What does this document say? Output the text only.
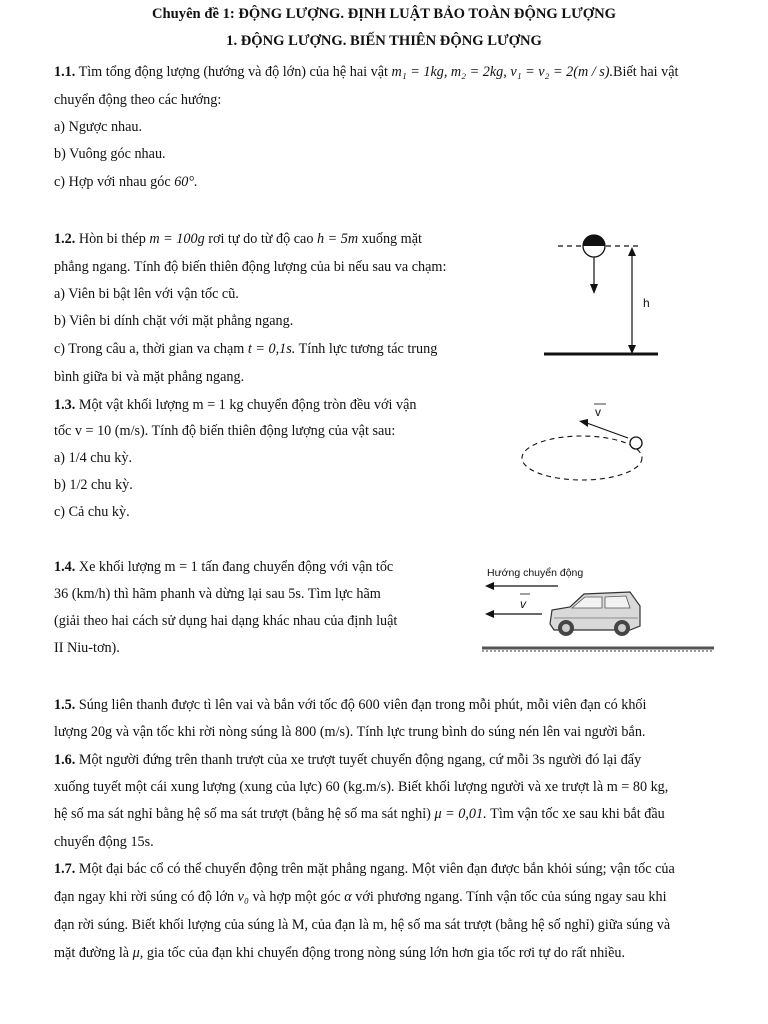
Chuyên đề 1: ĐỘNG LƯỢNG. ĐỊNH LUẬT BẢO TOÀN ĐỘNG LƯỢNG
1. ĐỘNG LƯỢNG. BIẾN THIÊN ĐỘNG LƯỢNG
1.1. Tìm tổng động lượng (hướng và độ lớn) của hệ hai vật m₁ = 1kg, m₂ = 2kg, v₁ = v₂ = 2(m / s).Biết hai vật
chuyển động theo các hướng:
a) Ngược nhau.
b) Vuông góc nhau.
c) Hợp với nhau góc 60°.
1.2. Hòn bi thép m = 100g rơi tự do từ độ cao h = 5m xuống mặt
phẳng ngang. Tính độ biến thiên động lượng của bi nếu sau va chạm:
a) Viên bi bật lên với vận tốc cũ.
b) Viên bi dính chặt với mặt phẳng ngang.
c) Trong câu a, thời gian va chạm t = 0,1s. Tính lực tương tác trung
bình giữa bi và mặt phẳng ngang.
h
1.3. Một vật khối lượng m = 1 kg chuyển động tròn đều với vận
tốc v = 10 (m/s). Tính độ biến thiên động lượng của vật sau:
a) 1/4 chu kỳ.
b) 1/2 chu kỳ.
c) Cả chu kỳ.
v
1.4. Xe khối lượng m = 1 tấn đang chuyển động với vận tốc
36 (km/h) thì hãm phanh và dừng lại sau 5s. Tìm lực hãm
(giải theo hai cách sử dụng hai dạng khác nhau của định luật
II Niu-tơn).
Hướng chuyển động
v
1.5. Súng liên thanh được tì lên vai và bắn với tốc độ 600 viên đạn trong mỗi phút, mỗi viên đạn có khối
lượng 20g và vận tốc khi rời nòng súng là 800 (m/s). Tính lực trung bình do súng nén lên vai người bắn.
1.6. Một người đứng trên thanh trượt của xe trượt tuyết chuyển động ngang, cứ mỗi 3s người đó lại đẩy
xuống tuyết một cái xung lượng (xung của lực) 60 (kg.m/s). Biết khối lượng người và xe trượt là m = 80 kg,
hệ số ma sát nghỉ bằng hệ số ma sát trượt (bằng hệ số ma sát nghỉ) μ = 0,01. Tìm vận tốc xe sau khi bắt đầu
chuyển động 15s.
1.7. Một đại bác cổ có thể chuyển động trên mặt phẳng ngang. Một viên đạn được bắn khỏi súng; vận tốc của
đạn ngay khi rời súng có độ lớn v₀ và hợp một góc α với phương ngang. Tính vận tốc của súng ngay sau khi
đạn rời súng. Biết khối lượng của súng là M, của đạn là m, hệ số ma sát trượt (bằng hệ số nghỉ) giữa súng và
mặt đường là μ, gia tốc của đạn khi chuyển động trong nòng súng lớn hơn gia tốc rơi tự do rất nhiều.
